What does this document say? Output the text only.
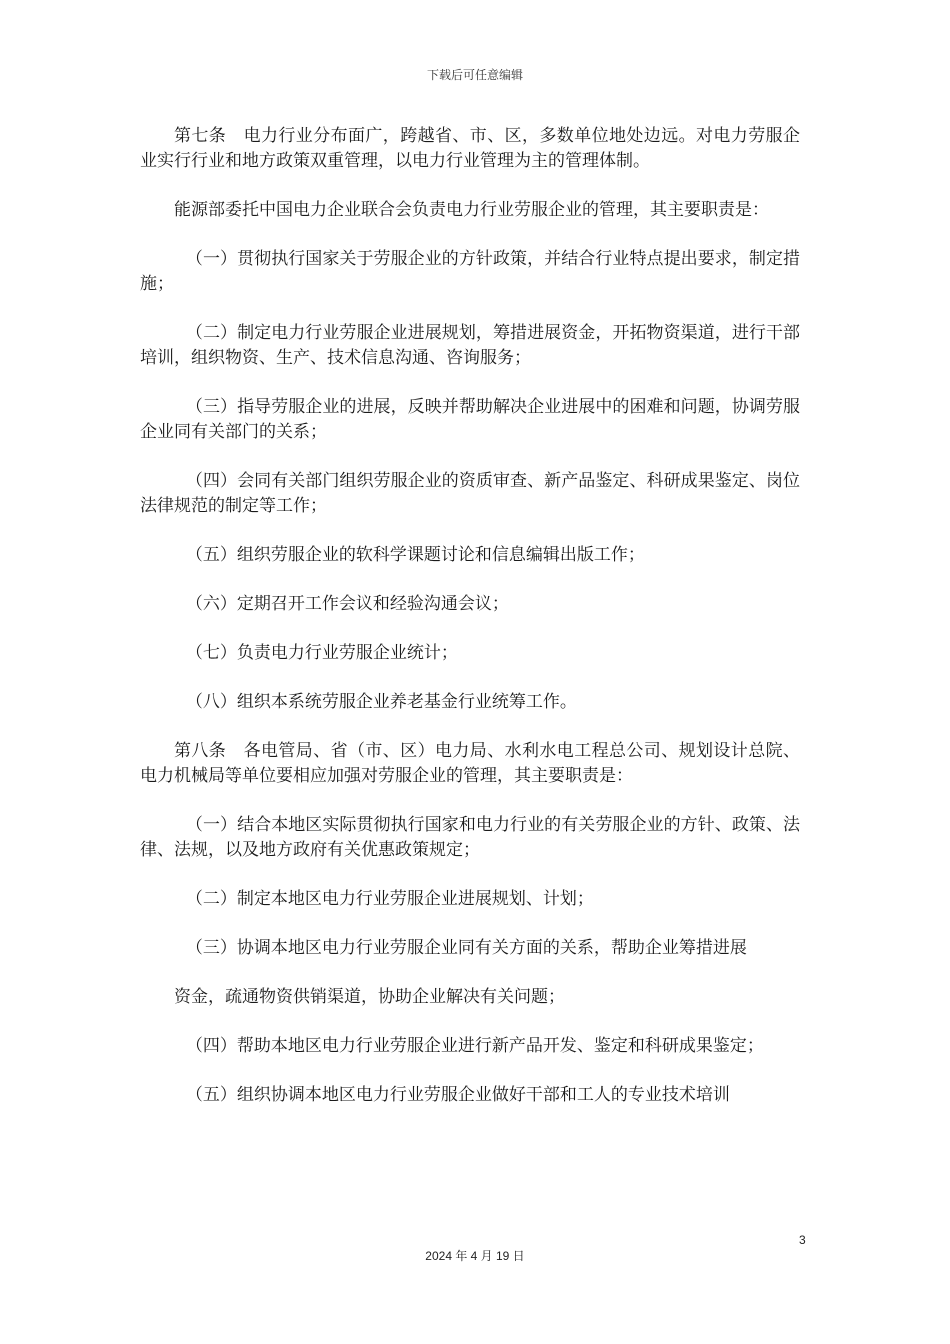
下载后可任意编辑

第七条　电力行业分布面广，跨越省、市、区，多数单位地处边远。对电力劳服企业实行行业和地方政策双重管理，以电力行业管理为主的管理体制。

能源部委托中国电力企业联合会负责电力行业劳服企业的管理，其主要职责是：

（一）贯彻执行国家关于劳服企业的方针政策，并结合行业特点提出要求，制定措施；

（二）制定电力行业劳服企业进展规划，筹措进展资金，开拓物资渠道，进行干部培训，组织物资、生产、技术信息沟通、咨询服务；

（三）指导劳服企业的进展，反映并帮助解决企业进展中的困难和问题，协调劳服企业同有关部门的关系；

（四）会同有关部门组织劳服企业的资质审查、新产品鉴定、科研成果鉴定、岗位法律规范的制定等工作；

（五）组织劳服企业的软科学课题讨论和信息编辑出版工作；

（六）定期召开工作会议和经验沟通会议；

（七）负责电力行业劳服企业统计；

（八）组织本系统劳服企业养老基金行业统筹工作。

第八条　各电管局、省（市、区）电力局、水利水电工程总公司、规划设计总院、电力机械局等单位要相应加强对劳服企业的管理，其主要职责是：

（一）结合本地区实际贯彻执行国家和电力行业的有关劳服企业的方针、政策、法律、法规，以及地方政府有关优惠政策规定；

（二）制定本地区电力行业劳服企业进展规划、计划；

（三）协调本地区电力行业劳服企业同有关方面的关系，帮助企业筹措进展

资金，疏通物资供销渠道，协助企业解决有关问题；

（四）帮助本地区电力行业劳服企业进行新产品开发、鉴定和科研成果鉴定；

（五）组织协调本地区电力行业劳服企业做好干部和工人的专业技术培训

3
2024 年 4 月 19 日
